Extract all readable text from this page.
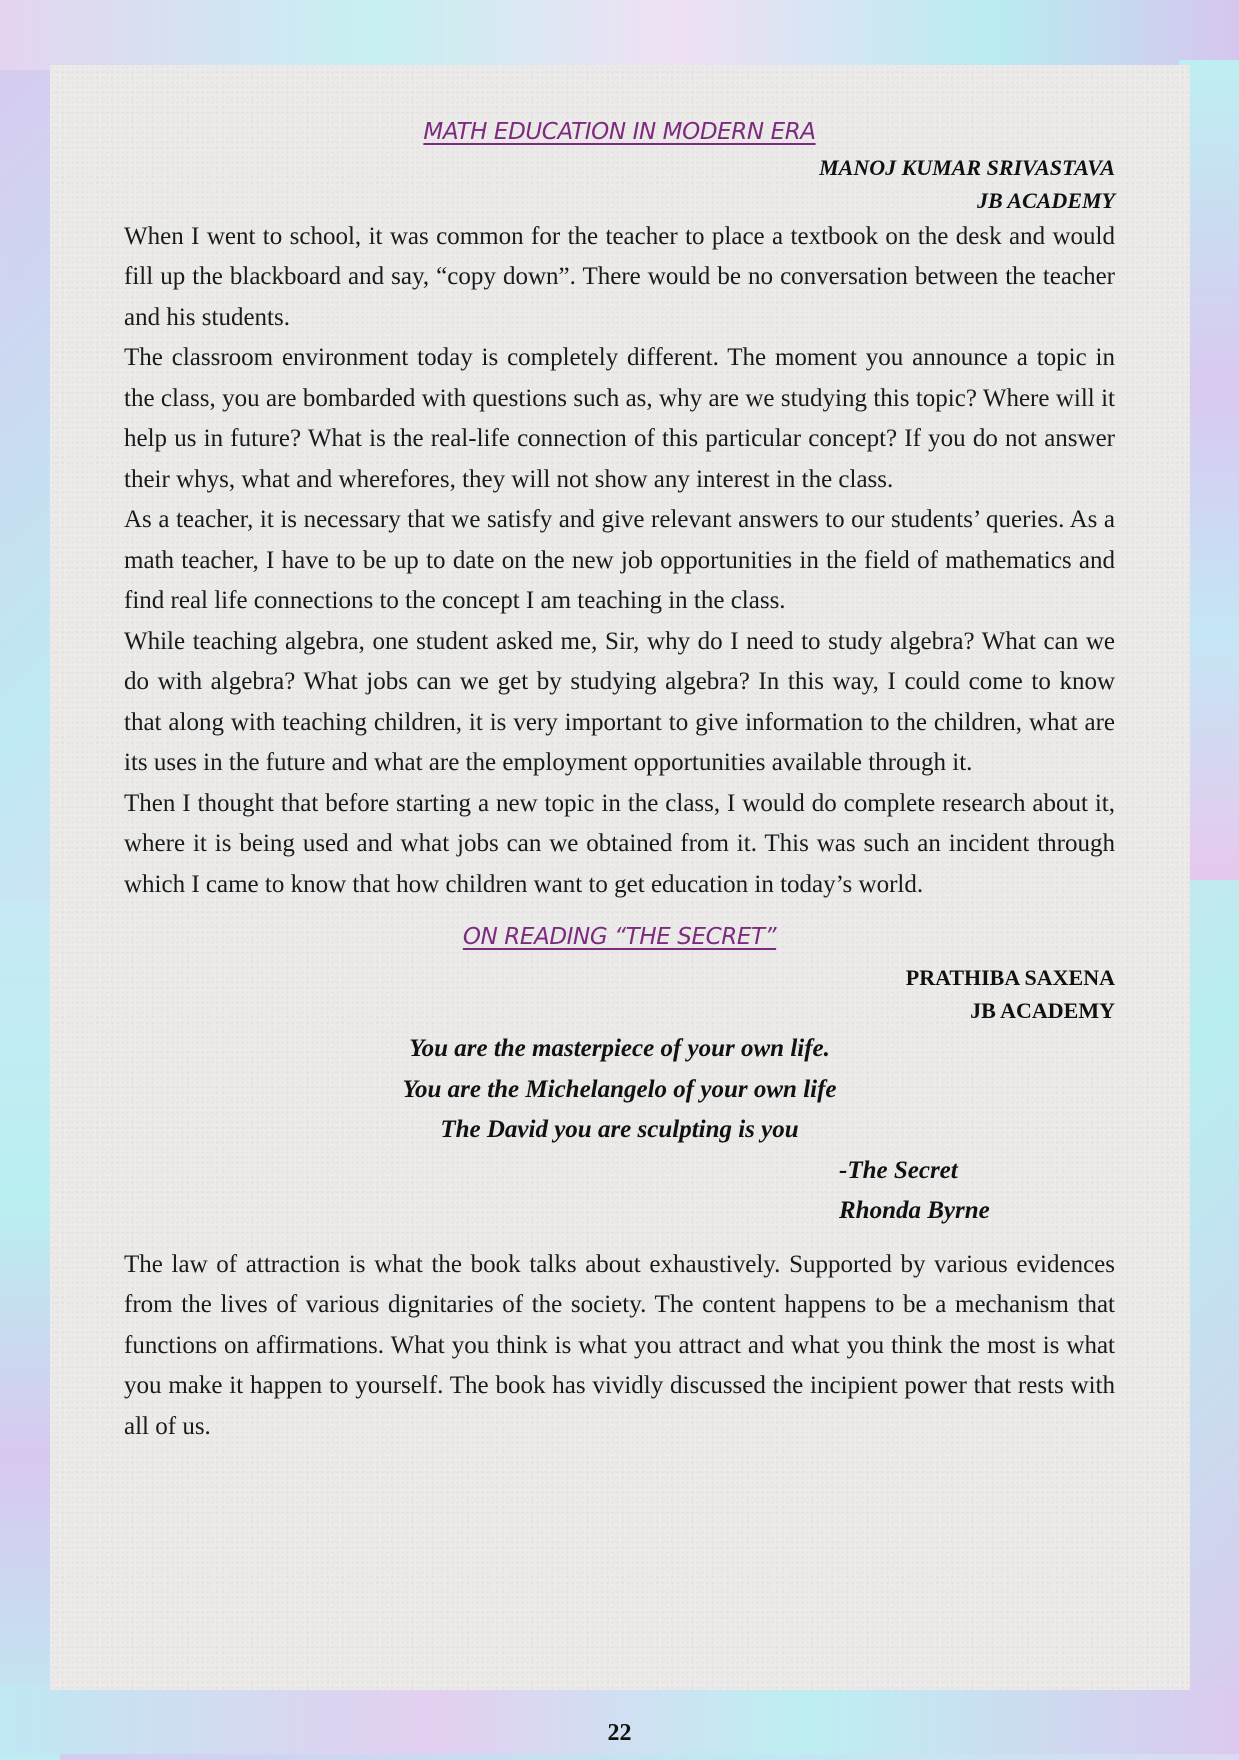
MATH EDUCATION IN MODERN ERA
MANOJ KUMAR SRIVASTAVA
JB ACADEMY

When I went to school, it was common for the teacher to place a textbook on the desk and would fill up the blackboard and say, “copy down”. There would be no conversation between the teacher and his students.

The classroom environment today is completely different. The moment you announce a topic in the class, you are bombarded with questions such as, why are we studying this topic? Where will it help us in future? What is the real-life connection of this particular concept? If you do not answer their whys, what and wherefores, they will not show any interest in the class.

As a teacher, it is necessary that we satisfy and give relevant answers to our students’ queries. As a math teacher, I have to be up to date on the new job opportunities in the field of mathematics and find real life connections to the concept I am teaching in the class.

While teaching algebra, one student asked me, Sir, why do I need to study algebra? What can we do with algebra? What jobs can we get by studying algebra? In this way, I could come to know that along with teaching children, it is very important to give information to the children, what are its uses in the future and what are the employment opportunities available through it.

Then I thought that before starting a new topic in the class, I would do complete research about it, where it is being used and what jobs can we obtained from it. This was such an incident through which I came to know that how children want to get education in today’s world.

ON READING “THE SECRET”
PRATHIBA SAXENA
JB ACADEMY
You are the masterpiece of your own life.
You are the Michelangelo of your own life
The David you are sculpting is you
-The Secret
Rhonda Byrne

The law of attraction is what the book talks about exhaustively. Supported by various evidences from the lives of various dignitaries of the society. The content happens to be a mechanism that functions on affirmations. What you think is what you attract and what you think the most is what you make it happen to yourself. The book has vividly discussed the incipient power that rests with all of us.

22
